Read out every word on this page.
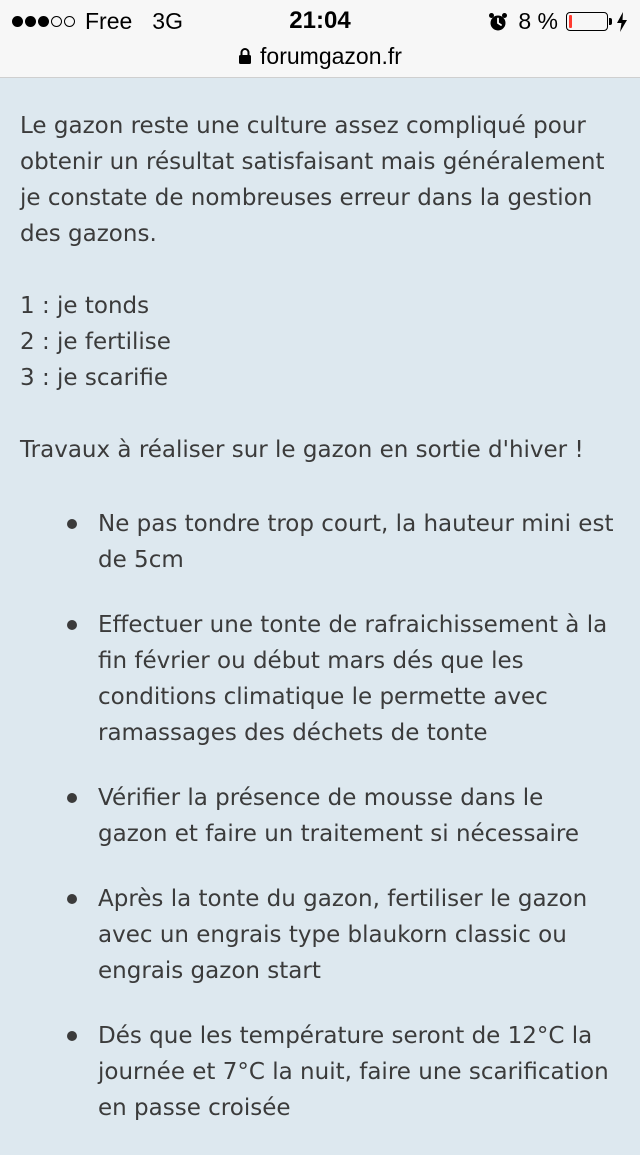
Free 3G	21:04	8 %
forumgazon.fr

Le gazon reste une culture assez compliqué pour obtenir un résultat satisfaisant mais généralement je constate de nombreuses erreur dans la gestion des gazons.

1 : je tonds

2 : je fertilise

3 : je scarifie

Travaux à réaliser sur le gazon en sortie d'hiver !

Ne pas tondre trop court, la hauteur mini est de 5cm
Effectuer une tonte de rafraichissement à la fin février ou début mars dés que les conditions climatique le permette avec ramassages des déchets de tonte
Vérifier la présence de mousse dans le gazon et faire un traitement si nécessaire
Après la tonte du gazon, fertiliser le gazon avec un engrais type blaukorn classic ou engrais gazon start
Dés que les température seront de 12°C la journée et 7°C la nuit, faire une scarification en passe croisée
